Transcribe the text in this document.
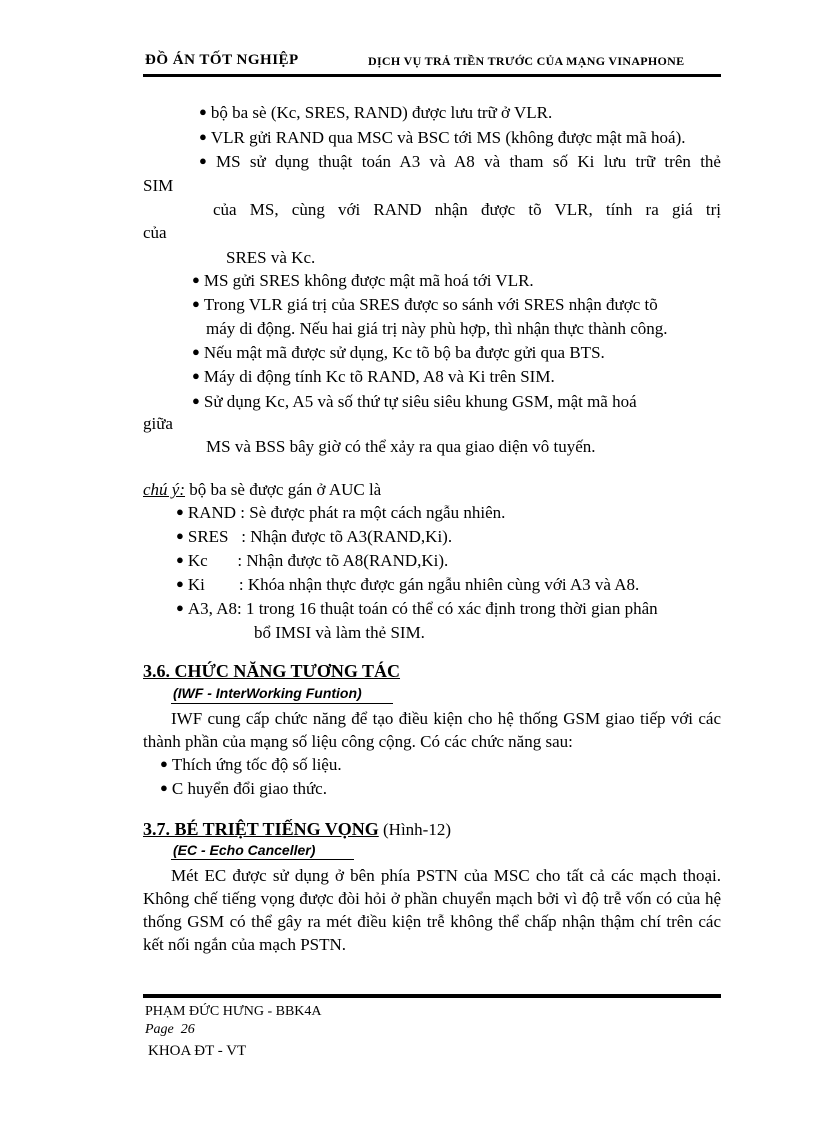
ĐỒ ÁN TỐT NGHIỆP	DỊCH VỤ TRẢ TIỀN TRƯỚC CỦA MẠNG VINAPHONE
● bộ ba sè (Kc, SRES, RAND) được lưu trữ ở VLR.
● VLR gửi RAND qua MSC và BSC tới MS (không được mật mã hoá).
● MS sử dụng thuật toán A3 và A8 và tham số Ki lưu trữ trên thẻ
SIM
của MS, cùng với RAND nhận được tõ VLR, tính ra giá trị
của
SRES và Kc.
● MS gửi SRES không được mật mã hoá tới VLR.
● Trong VLR giá trị của SRES được so sánh với SRES nhận được tõ
máy di động. Nếu hai giá trị này phù hợp, thì nhận thực thành công.
● Nếu mật mã được sử dụng, Kc tõ bộ ba được gửi qua BTS.
● Máy di động tính Kc tõ RAND, A8 và Ki trên SIM.
● Sử dụng Kc, A5 và số thứ tự siêu siêu khung GSM, mật mã hoá
giữa
MS và BSS bây giờ có thể xảy ra qua giao diện vô tuyến.
chú ý: bộ ba sè được gán ở AUC là
● RAND : Sè được phát ra một cách ngẫu nhiên.
● SRES   : Nhận được tõ A3(RAND,Ki).
● Kc       : Nhận được tõ A8(RAND,Ki).
● Ki        : Khóa nhận thực được gán ngẫu nhiên cùng với A3 và A8.
● A3, A8: 1 trong 16 thuật toán có thể có xác định trong thời gian phân
bổ IMSI và làm thẻ SIM.
3.6. CHỨC NĂNG TƯƠNG TÁC
(IWF - InterWorking Funtion)
IWF cung cấp chức năng để tạo điều kiện cho hệ thống GSM giao tiếp với các thành phần của mạng số liệu công cộng. Có các chức năng sau:
● Thích ứng tốc độ số liệu.
● C huyển đổi giao thức.
3.7. BÉ TRIỆT TIẾNG VỌNG (Hình-12)
(EC - Echo Canceller)
Mét EC được sử dụng ở bên phía PSTN của MSC cho tất cả các mạch thoại. Không chế tiếng vọng được đòi hỏi ở phần chuyển mạch bởi vì độ trễ vốn có của hệ thống GSM có thể gây ra mét điều kiện trễ không thể chấp nhận thậm chí trên các kết nối ngắn của mạch PSTN.
PHẠM ĐỨC HƯNG - BBK4A
Page  26
KHOA ĐT - VT
